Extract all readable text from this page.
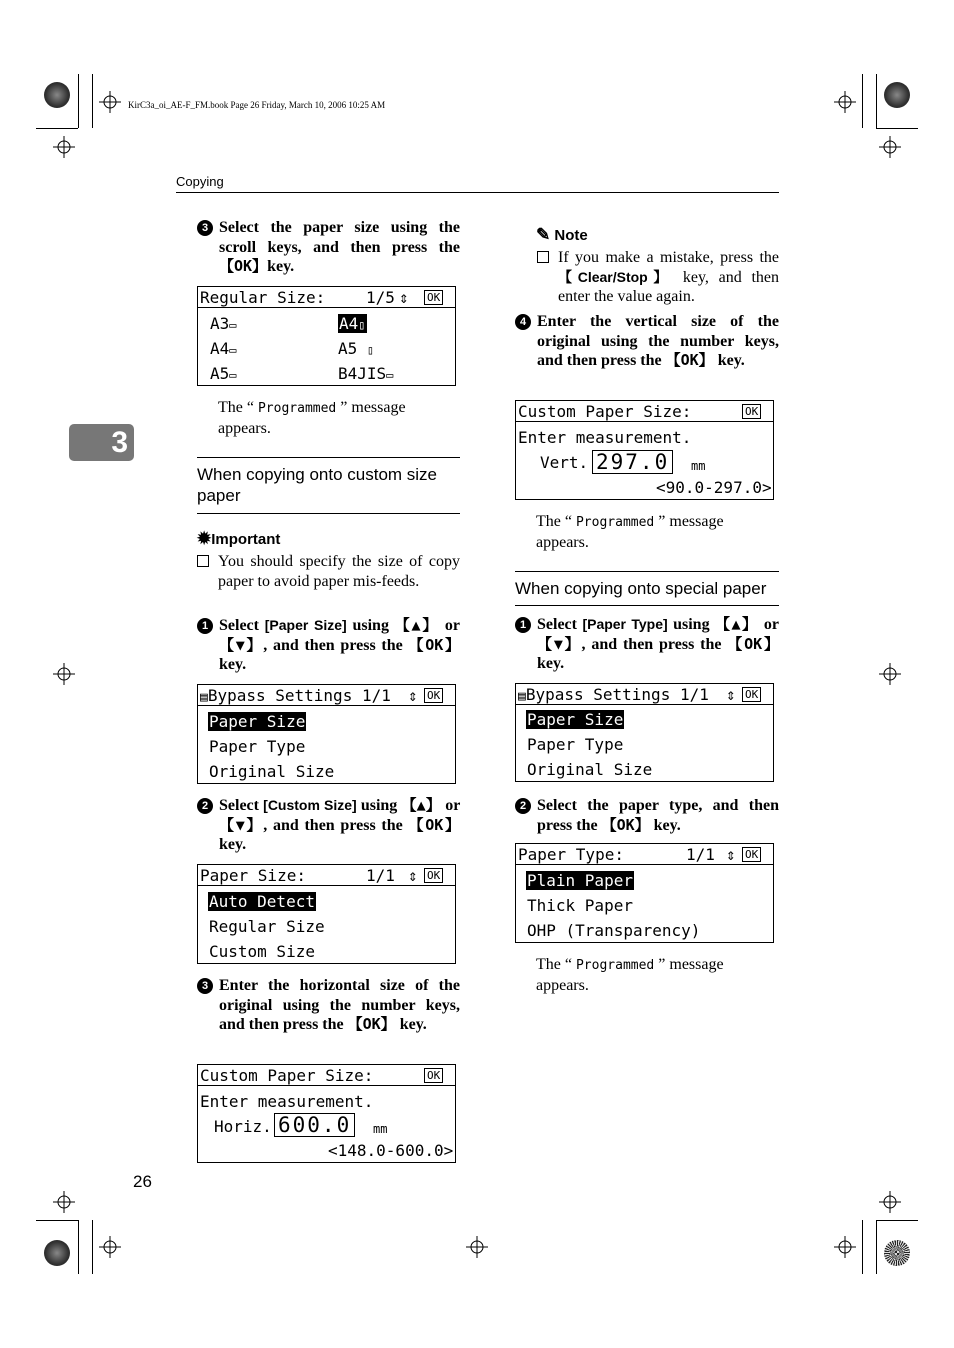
KirC3a_oi_AE-F_FM.book Page 26 Friday, March 10, 2006 10:25 AM
Copying
3
26
3 Select the paper size using the scroll keys, and then press the 【OK】key.
Regular Size:	1/5 ⇕ OK
A3▭	A4▯
A4▭	A5 ▯
A5▭	B4JIS▭
The “ Programmed ” message appears.
When copying onto custom size paper
✹Important
You should specify the size of copy paper to avoid paper mis-feeds.
1 Select [Paper Size] using 【▲】 or 【▼】, and then press the 【OK】 key.
▤Bypass Settings 1/1 ⇕ OK
Paper Size
Paper Type
Original Size
2 Select [Custom Size] using 【▲】 or 【▼】, and then press the 【OK】 key.
Paper Size:	1/1 ⇕ OK
Auto Detect
Regular Size
Custom Size
3 Enter the horizontal size of the original using the number keys, and then press the 【OK】 key.
Custom Paper Size:	OK
Enter measurement.
Horiz. 600.0	mm
<148.0-600.0>
✎ Note
If you make a mistake, press the 【Clear/Stop】 key, and then enter the value again.
4 Enter the vertical size of the original using the number keys, and then press the 【OK】 key.
Custom Paper Size:	OK
Enter measurement.
Vert. 297.0	mm
<90.0-297.0>
The “ Programmed ” message appears.
When copying onto special paper
1 Select [Paper Type] using 【▲】 or 【▼】, and then press the 【OK】 key.
▤Bypass Settings 1/1 ⇕ OK
Paper Size
Paper Type
Original Size
2 Select the paper type, and then press the 【OK】 key.
Paper Type:	1/1 ⇕ OK
Plain Paper
Thick Paper
OHP (Transparency)
The “ Programmed ” message appears.
